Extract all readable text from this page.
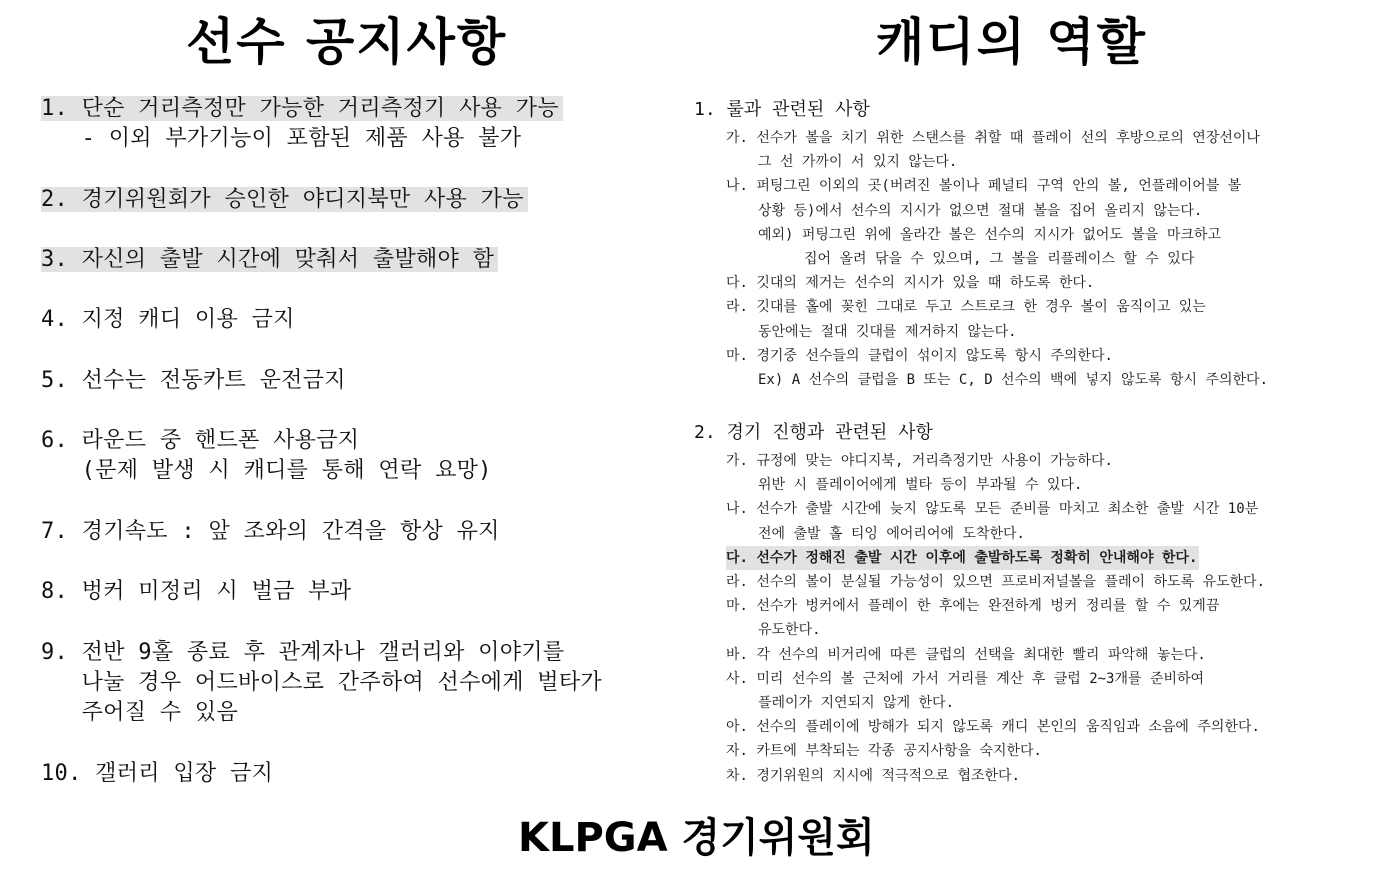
선수 공지사항	캐디의 역할
1. 단순 거리측정만 가능한 거리측정기 사용 가능
- 이외 부가기능이 포함된 제품 사용 불가
2. 경기위원회가 승인한 야디지북만 사용 가능
3. 자신의 출발 시간에 맞춰서 출발해야 함
4. 지정 캐디 이용 금지
5. 선수는 전동카트 운전금지
6. 라운드 중 핸드폰 사용금지
(문제 발생 시 캐디를 통해 연락 요망)
7. 경기속도 : 앞 조와의 간격을 항상 유지
8. 벙커 미정리 시 벌금 부과
9. 전반 9홀 종료 후 관계자나 갤러리와 이야기를
나눌 경우 어드바이스로 간주하여 선수에게 벌타가
주어질 수 있음
10. 갤러리 입장 금지
1. 룰과 관련된 사항
가. 선수가 볼을 치기 위한 스탠스를 취할 때 플레이 선의 후방으로의 연장선이나
그 선 가까이 서 있지 않는다.
나. 퍼팅그린 이외의 곳(버려진 볼이나 페널티 구역 안의 볼, 언플레이어블 볼
상황 등)에서 선수의 지시가 없으면 절대 볼을 집어 올리지 않는다.
예외) 퍼팅그린 위에 올라간 볼은 선수의 지시가 없어도 볼을 마크하고
집어 올려 닦을 수 있으며, 그 볼을 리플레이스 할 수 있다
다. 깃대의 제거는 선수의 지시가 있을 때 하도록 한다.
라. 깃대를 홀에 꽂힌 그대로 두고 스트로크 한 경우 볼이 움직이고 있는
동안에는 절대 깃대를 제거하지 않는다.
마. 경기중 선수들의 클럽이 섞이지 않도록 항시 주의한다.
Ex) A 선수의 클럽을 B 또는 C, D 선수의 백에 넣지 않도록 항시 주의한다.
2. 경기 진행과 관련된 사항
가. 규정에 맞는 야디지북, 거리측정기만 사용이 가능하다.
위반 시 플레이어에게 벌타 등이 부과될 수 있다.
나. 선수가 출발 시간에 늦지 않도록 모든 준비를 마치고 최소한 출발 시간 10분
전에 출발 홀 티잉 에어리어에 도착한다.
다. 선수가 정해진 출발 시간 이후에 출발하도록 정확히 안내해야 한다.
라. 선수의 볼이 분실될 가능성이 있으면 프로비저널볼을 플레이 하도록 유도한다.
마. 선수가 벙커에서 플레이 한 후에는 완전하게 벙커 정리를 할 수 있게끔
유도한다.
바. 각 선수의 비거리에 따른 클럽의 선택을 최대한 빨리 파악해 놓는다.
사. 미리 선수의 볼 근처에 가서 거리를 계산 후 클럽 2~3개를 준비하여
플레이가 지연되지 않게 한다.
아. 선수의 플레이에 방해가 되지 않도록 캐디 본인의 움직임과 소음에 주의한다.
자. 카트에 부착되는 각종 공지사항을 숙지한다.
차. 경기위원의 지시에 적극적으로 협조한다.
KLPGA 경기위원회
